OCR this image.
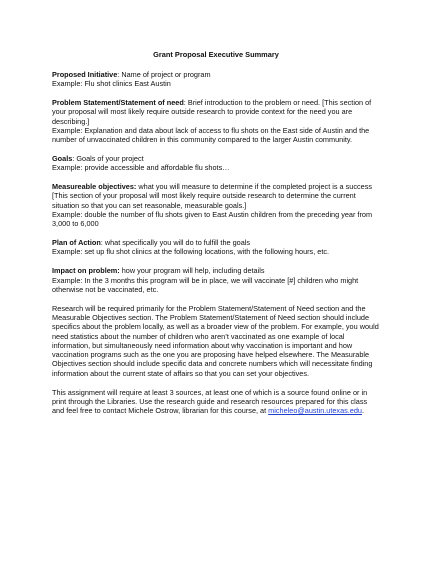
Grant Proposal Executive Summary

Proposed Initiative: Name of project or program

Example: Flu shot clinics East Austin

Problem Statement/Statement of need: Brief introduction to the problem or need. [This section of your proposal will most likely require outside research to provide context for the need you are describing.]

Example: Explanation and data about lack of access to flu shots on the East side of Austin and the number of unvaccinated children in this community compared to the larger Austin community.

Goals: Goals of your project

Example: provide accessible and affordable flu shots…

Measureable objectives: what you will measure to determine if the completed project is a success [This section of your proposal will most likely require outside research to determine the current situation so that you can set reasonable, measurable goals.]

Example: double the number of flu shots given to East Austin children from the preceding year from 3,000 to 6,000

Plan of Action: what specifically you will do to fulfill the goals

Example: set up flu shot clinics at the following locations, with the following hours, etc.

Impact on problem: how your program will help, including details

Example: In the 3 months this program will be in place, we will vaccinate [#] children who might otherwise not be vaccinated, etc.

Research will be required primarily for the Problem Statement/Statement of Need section and the Measurable Objectives section. The Problem Statement/Statement of Need section should include specifics about the problem locally, as well as a broader view of the problem. For example, you would need statistics about the number of children who aren’t vaccinated as one example of local information, but simultaneously need information about why vaccination is important and how vaccination programs such as the one you are proposing have helped elsewhere. The Measurable Objectives section should include specific data and concrete numbers which will necessitate finding information about the current state of affairs so that you can set your objectives.

This assignment will require at least 3 sources, at least one of which is a source found online or in print through the Libraries. Use the research guide and research resources prepared for this class and feel free to contact Michele Ostrow, librarian for this course, at micheleo@austin.utexas.edu.
